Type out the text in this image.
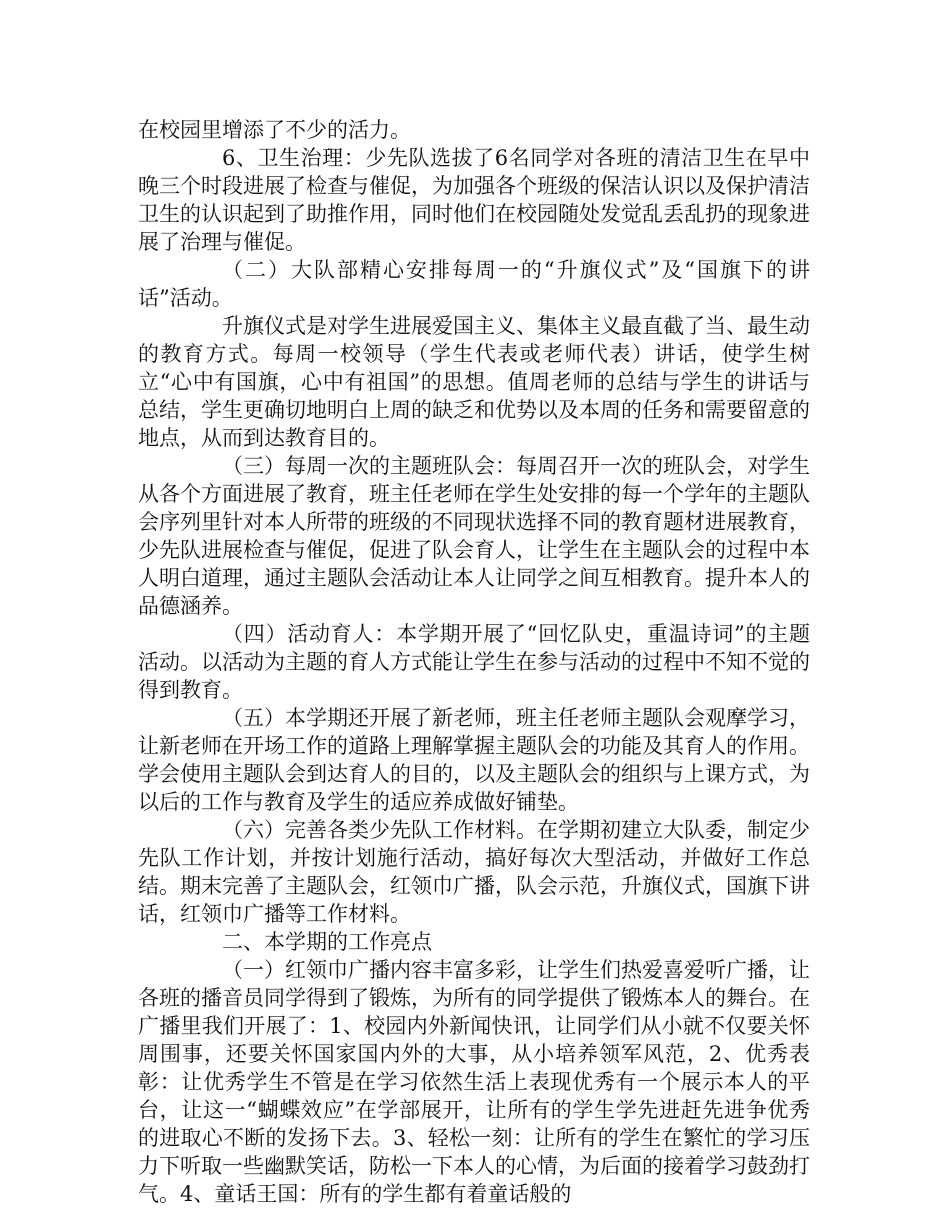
在校园里增添了不少的活力。

6、卫生治理：少先队选拔了6名同学对各班的清洁卫生在早中晚三个时段进展了检查与催促，为加强各个班级的保洁认识以及保护清洁卫生的认识起到了助推作用，同时他们在校园随处发觉乱丢乱扔的现象进展了治理与催促。

（二）大队部精心安排每周一的“升旗仪式”及“国旗下的讲话”活动。

升旗仪式是对学生进展爱国主义、集体主义最直截了当、最生动的教育方式。每周一校领导（学生代表或老师代表）讲话，使学生树立“心中有国旗，心中有祖国”的思想。值周老师的总结与学生的讲话与总结，学生更确切地明白上周的缺乏和优势以及本周的任务和需要留意的地点，从而到达教育目的。

（三）每周一次的主题班队会：每周召开一次的班队会，对学生从各个方面进展了教育，班主任老师在学生处安排的每一个学年的主题队会序列里针对本人所带的班级的不同现状选择不同的教育题材进展教育，少先队进展检查与催促，促进了队会育人，让学生在主题队会的过程中本人明白道理，通过主题队会活动让本人让同学之间互相教育。提升本人的品德涵养。

（四）活动育人：本学期开展了“回忆队史，重温诗词”的主题活动。以活动为主题的育人方式能让学生在参与活动的过程中不知不觉的得到教育。

（五）本学期还开展了新老师，班主任老师主题队会观摩学习，让新老师在开场工作的道路上理解掌握主题队会的功能及其育人的作用。学会使用主题队会到达育人的目的，以及主题队会的组织与上课方式，为以后的工作与教育及学生的适应养成做好铺垫。

（六）完善各类少先队工作材料。在学期初建立大队委，制定少先队工作计划，并按计划施行活动，搞好每次大型活动，并做好工作总结。期末完善了主题队会，红领巾广播，队会示范，升旗仪式，国旗下讲话，红领巾广播等工作材料。

二、本学期的工作亮点

（一）红领巾广播内容丰富多彩，让学生们热爱喜爱听广播，让各班的播音员同学得到了锻炼，为所有的同学提供了锻炼本人的舞台。在广播里我们开展了：1、校园内外新闻快讯，让同学们从小就不仅要关怀周围事，还要关怀国家国内外的大事，从小培养领军风范，2、优秀表彰：让优秀学生不管是在学习依然生活上表现优秀有一个展示本人的平台，让这一“蝴蝶效应”在学部展开，让所有的学生学先进赶先进争优秀的进取心不断的发扬下去。3、轻松一刻：让所有的学生在繁忙的学习压力下听取一些幽默笑话，防松一下本人的心情，为后面的接着学习鼓劲打气。4、童话王国：所有的学生都有着童话般的
